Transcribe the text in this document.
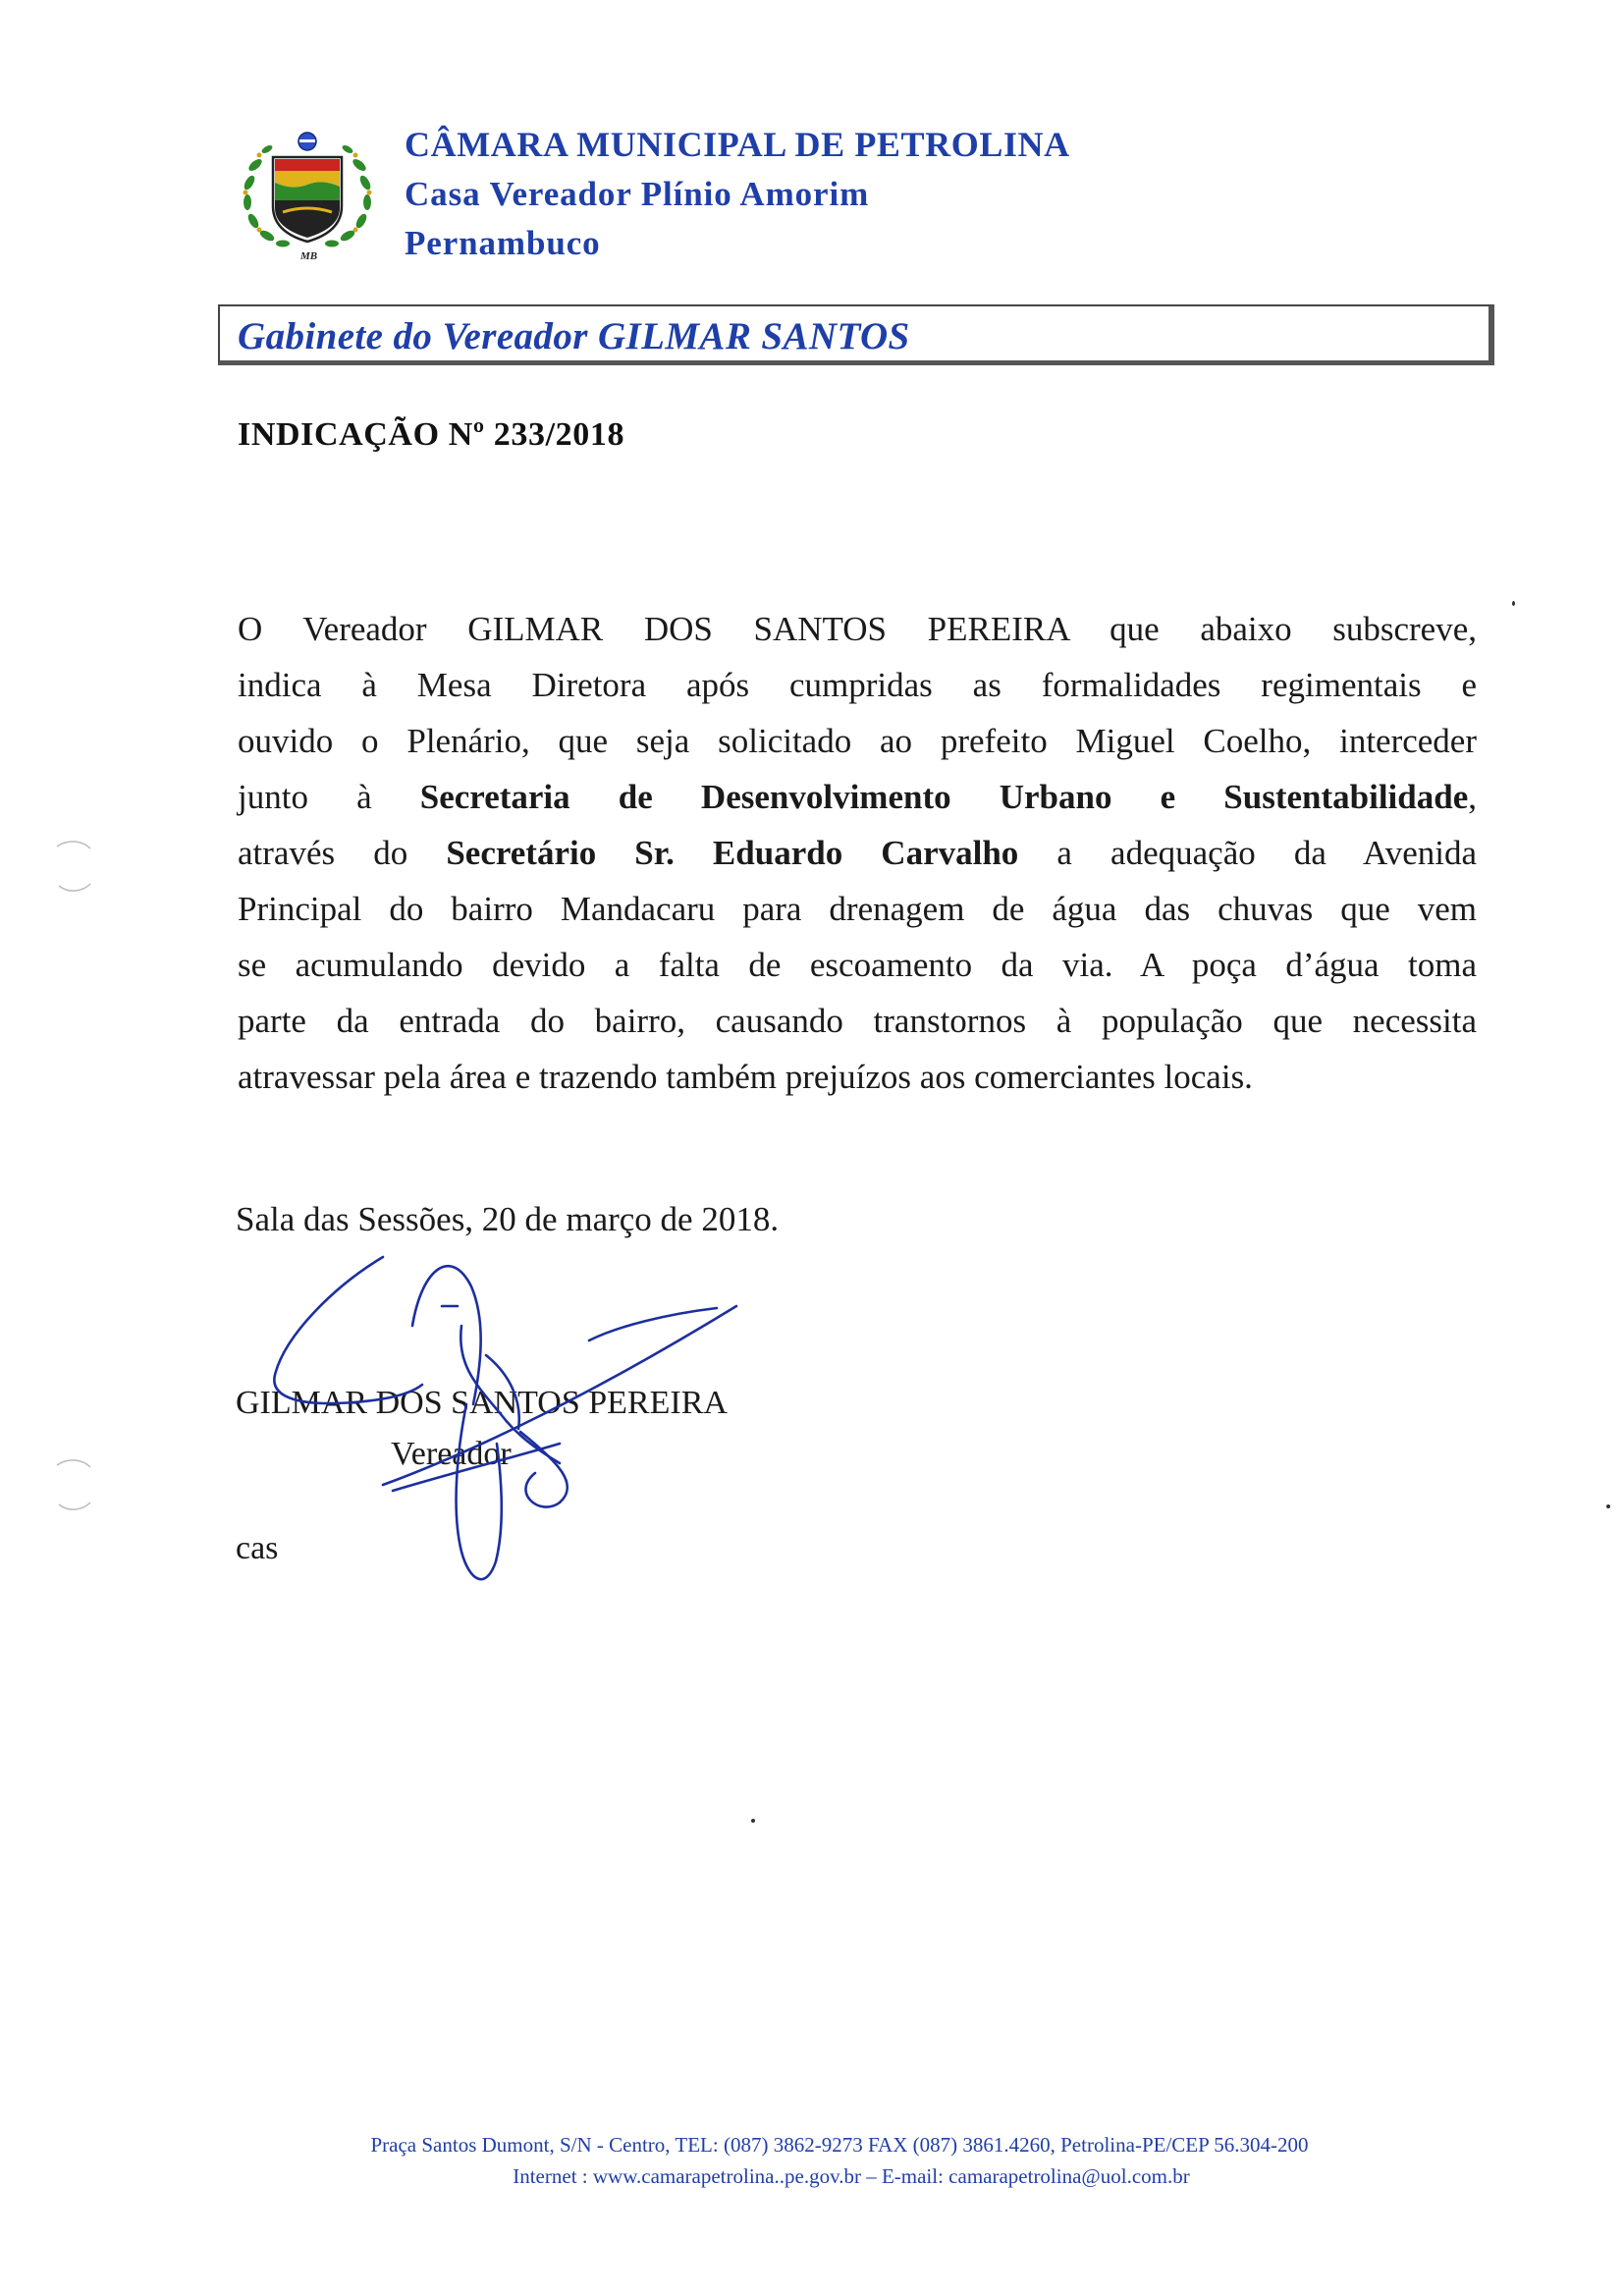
MB
CÂMARA MUNICIPAL DE PETROLINA
Casa Vereador Plínio Amorim
Pernambuco
Gabinete do Vereador GILMAR SANTOS
INDICAÇÃO Nº 233/2018
O Vereador GILMAR DOS SANTOS PEREIRA que abaixo subscreve,
indica à Mesa Diretora após cumpridas as formalidades regimentais e
ouvido o Plenário, que seja solicitado ao prefeito Miguel Coelho, interceder
junto à Secretaria de Desenvolvimento Urbano e Sustentabilidade,
através do Secretário Sr. Eduardo Carvalho a adequação da Avenida
Principal do bairro Mandacaru para drenagem de água das chuvas que vem
se acumulando devido a falta de escoamento da via. A poça d’água toma
parte da entrada do bairro, causando transtornos à população que necessita
atravessar pela área e trazendo também prejuízos aos comerciantes locais.
Sala das Sessões, 20 de março de 2018.
GILMAR DOS SANTOS PEREIRA
Vereador
cas
Praça Santos Dumont, S/N - Centro, TEL: (087) 3862-9273 FAX (087) 3861.4260, Petrolina-PE/CEP 56.304-200
Internet : www.camarapetrolina..pe.gov.br – E-mail: camarapetrolina@uol.com.br
